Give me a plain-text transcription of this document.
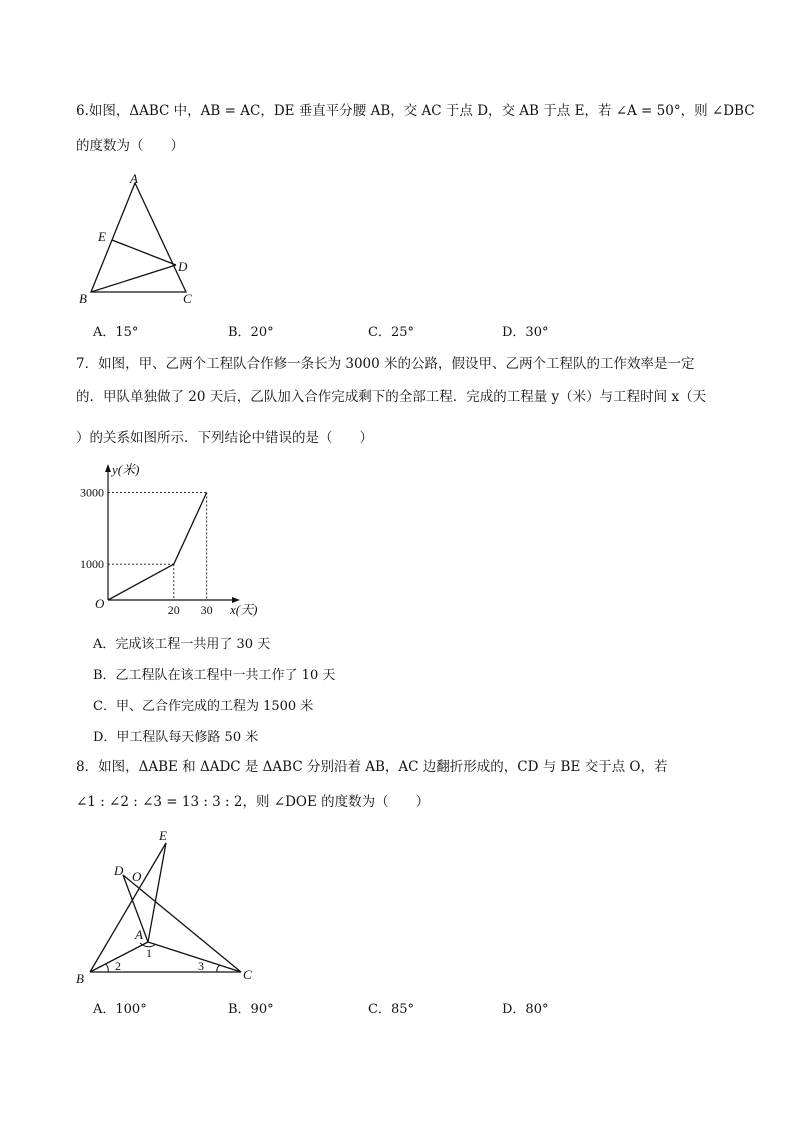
6.如图，ΔABC 中，AB = AC，DE 垂直平分腰 AB，交 AC 于点 D，交 AB 于点 E，若 ∠A = 50°，则 ∠DBC
的度数为（　　）
A
E
D
B	C
A．15°	B．20°	C．25°	D．30°
7．如图，甲、乙两个工程队合作修一条长为 3000 米的公路，假设甲、乙两个工程队的工作效率是一定
的．甲队单独做了 20 天后，乙队加入合作完成剩下的全部工程．完成的工程量 y（米）与工程时间 x（天
）的关系如图所示．下列结论中错误的是（　　）
y(米)
x(天)
O
1000
3000
20 30
A．完成该工程一共用了 30 天
B．乙工程队在该工程中一共工作了 10 天
C．甲、乙合作完成的工程为 1500 米
D．甲工程队每天修路 50 米
8．如图，ΔABE 和 ΔADC 是 ΔABC 分别沿着 AB，AC 边翻折形成的，CD 与 BE 交于点 O，若
∠1 : ∠2 : ∠3 = 13 : 3 : 2，则 ∠DOE 的度数为（　　）
E
D O
A
B	C
1
2	3
A．100°	B．90°	C．85°	D．80°
